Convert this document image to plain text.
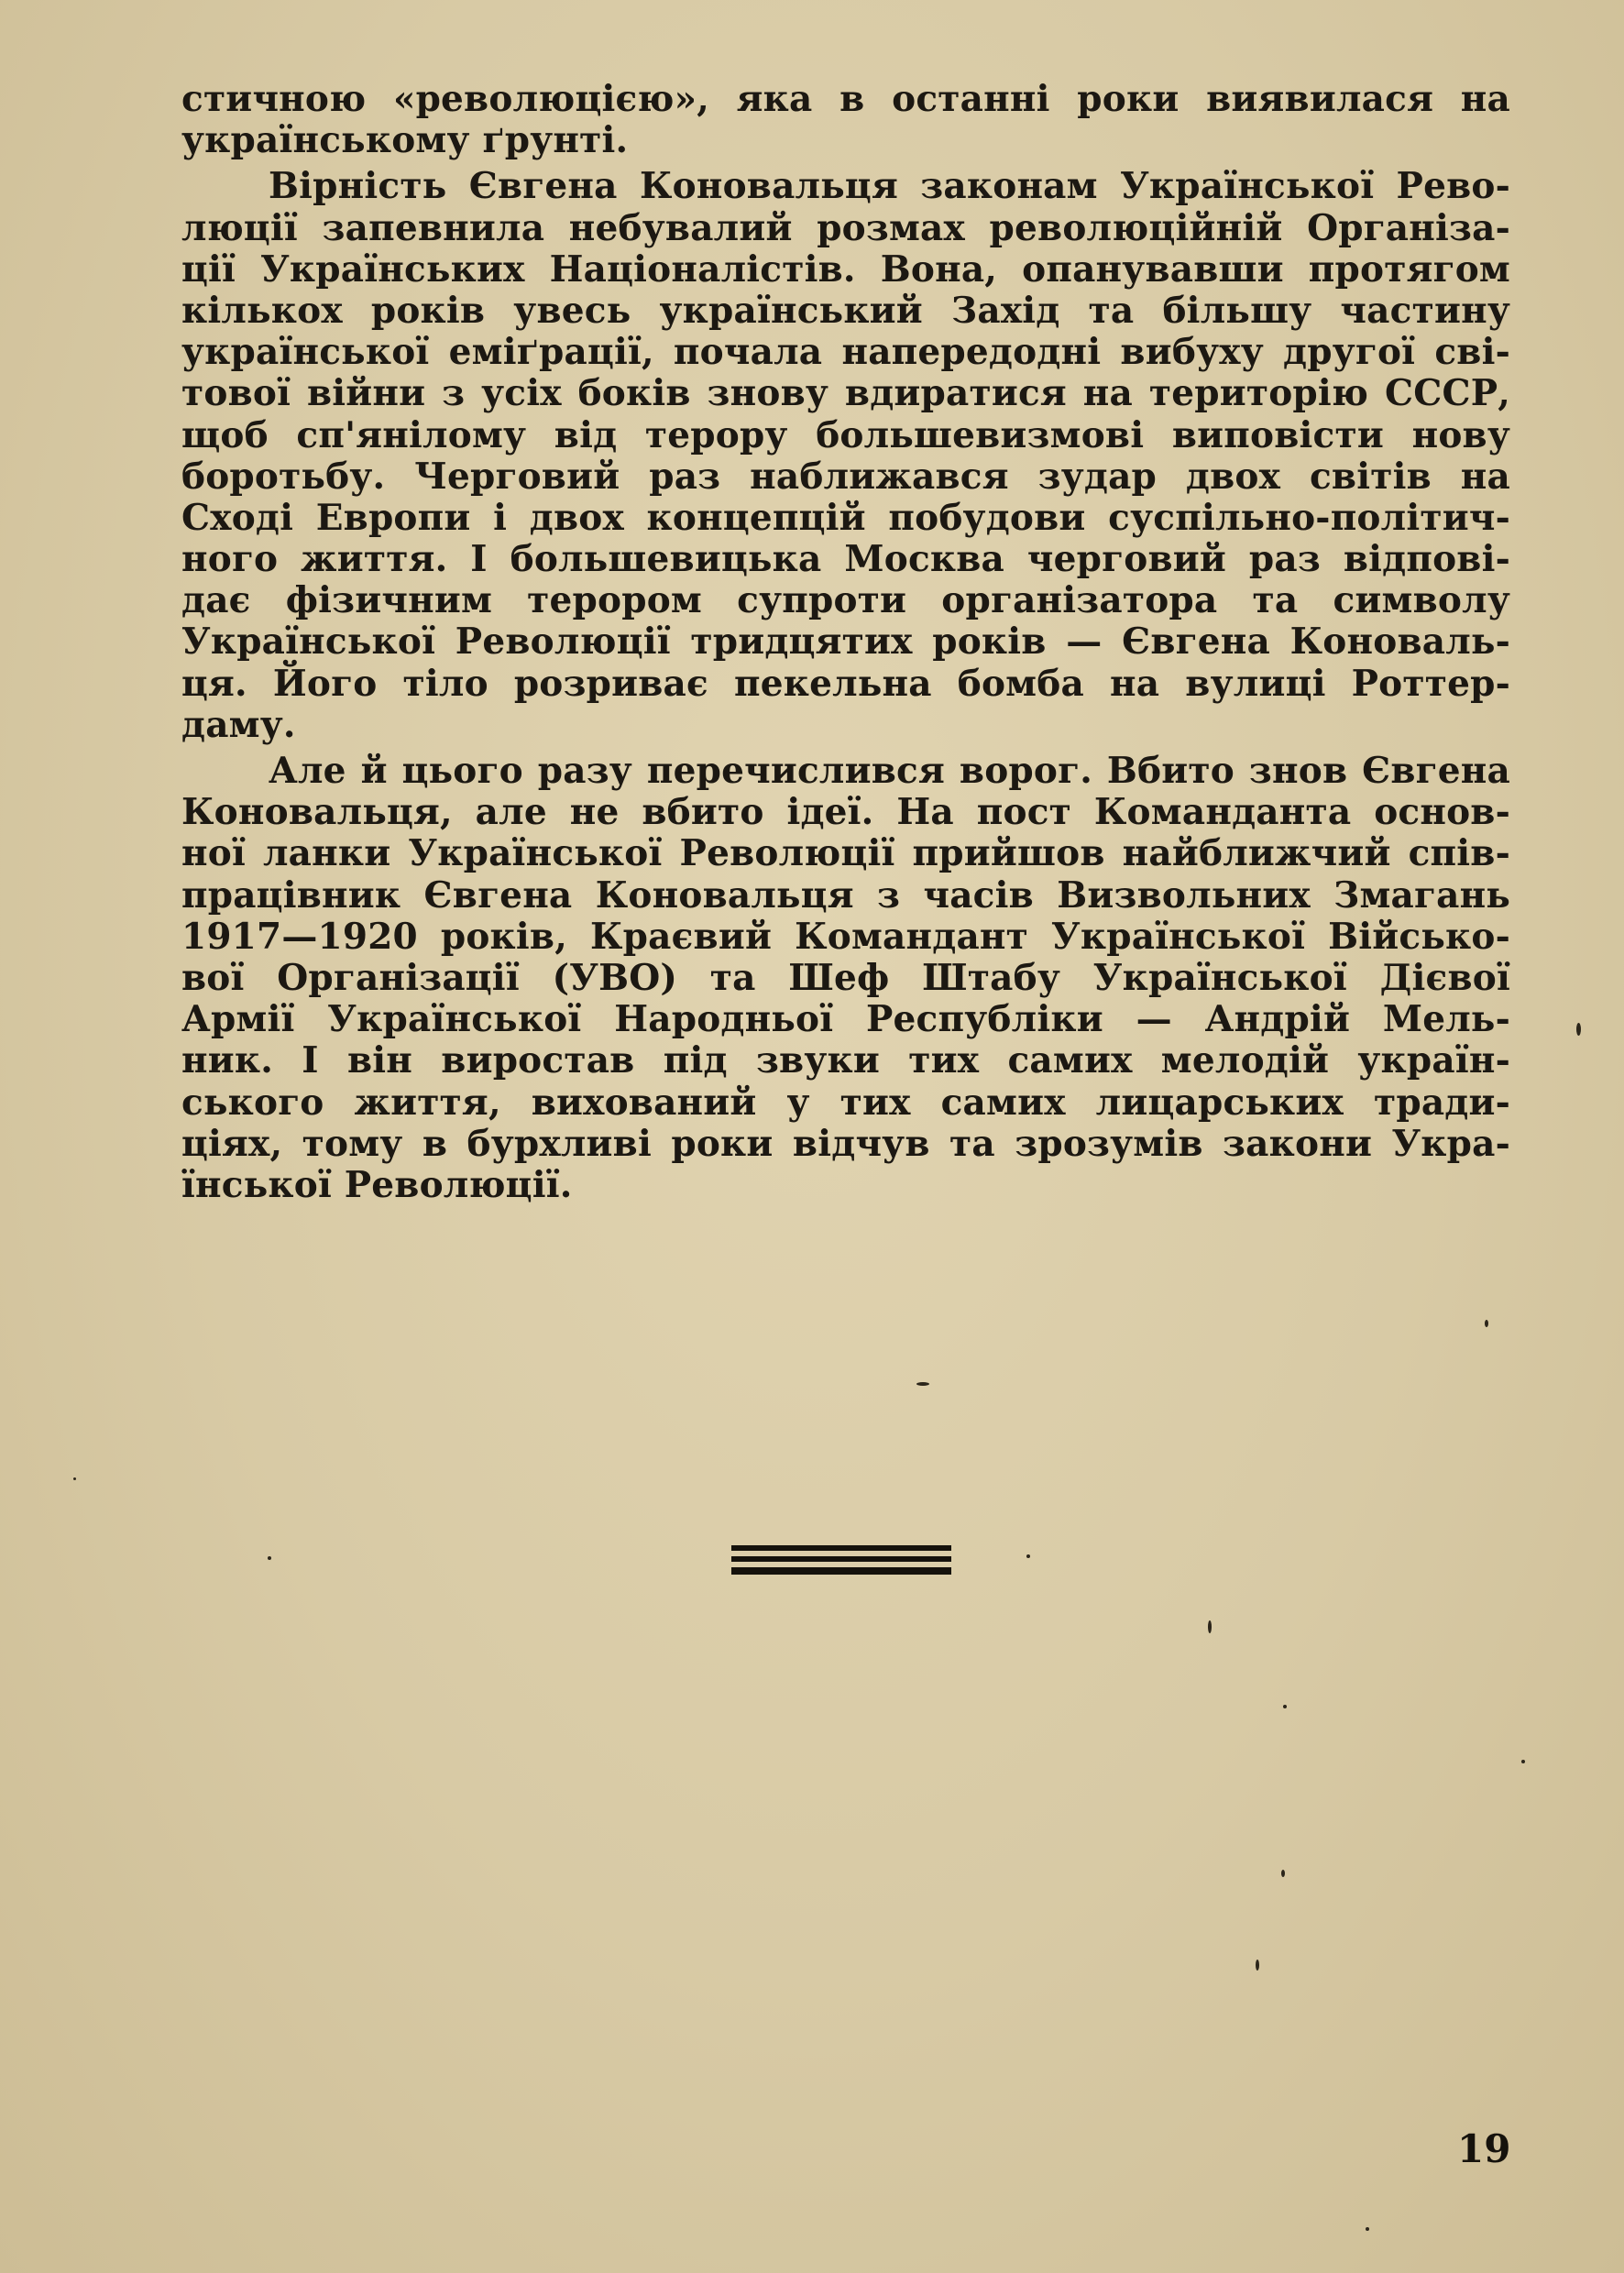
стичною «революцією», яка в останні роки виявилася на
українському ґрунті.
Вірність Євгена Коновальця законам Української Рево-
люції запевнила небувалий розмах революційній Організа-
ції Українських Націоналістів. Вона, опанувавши протягом
кількох років увесь український Захід та більшу частину
української еміґрації, почала напередодні вибуху другої сві-
тової війни з усіх боків знову вдиратися на територію СССР,
щоб сп'янілому від терору большевизмові виповісти нову
боротьбу. Черговий раз наближався зудар двох світів на
Сході Европи і двох концепцій побудови суспільно-політич-
ного життя. І большевицька Москва черговий раз відпові-
дає фізичним терором супроти організатора та символу
Української Революції тридцятих років — Євгена Коноваль-
ця. Його тіло розриває пекельна бомба на вулиці Роттер-
даму.
Але й цього разу перечислився ворог. Вбито знов Євгена
Коновальця, але не вбито ідеї. На пост Команданта основ-
ної ланки Української Революції прийшов найближчий спів-
працівник Євгена Коновальця з часів Визвольних Змагань
1917—1920 років, Краєвий Командант Української Військо-
вої Організації (УВО) та Шеф Штабу Української Дієвої
Армії Української Народньої Республіки — Андрій Мель-
ник. І він виростав під звуки тих самих мелодій україн-
ського життя, вихований у тих самих лицарських тради-
ціях, тому в бурхливі роки відчув та зрозумів закони Укра-
їнської Революції.
19
